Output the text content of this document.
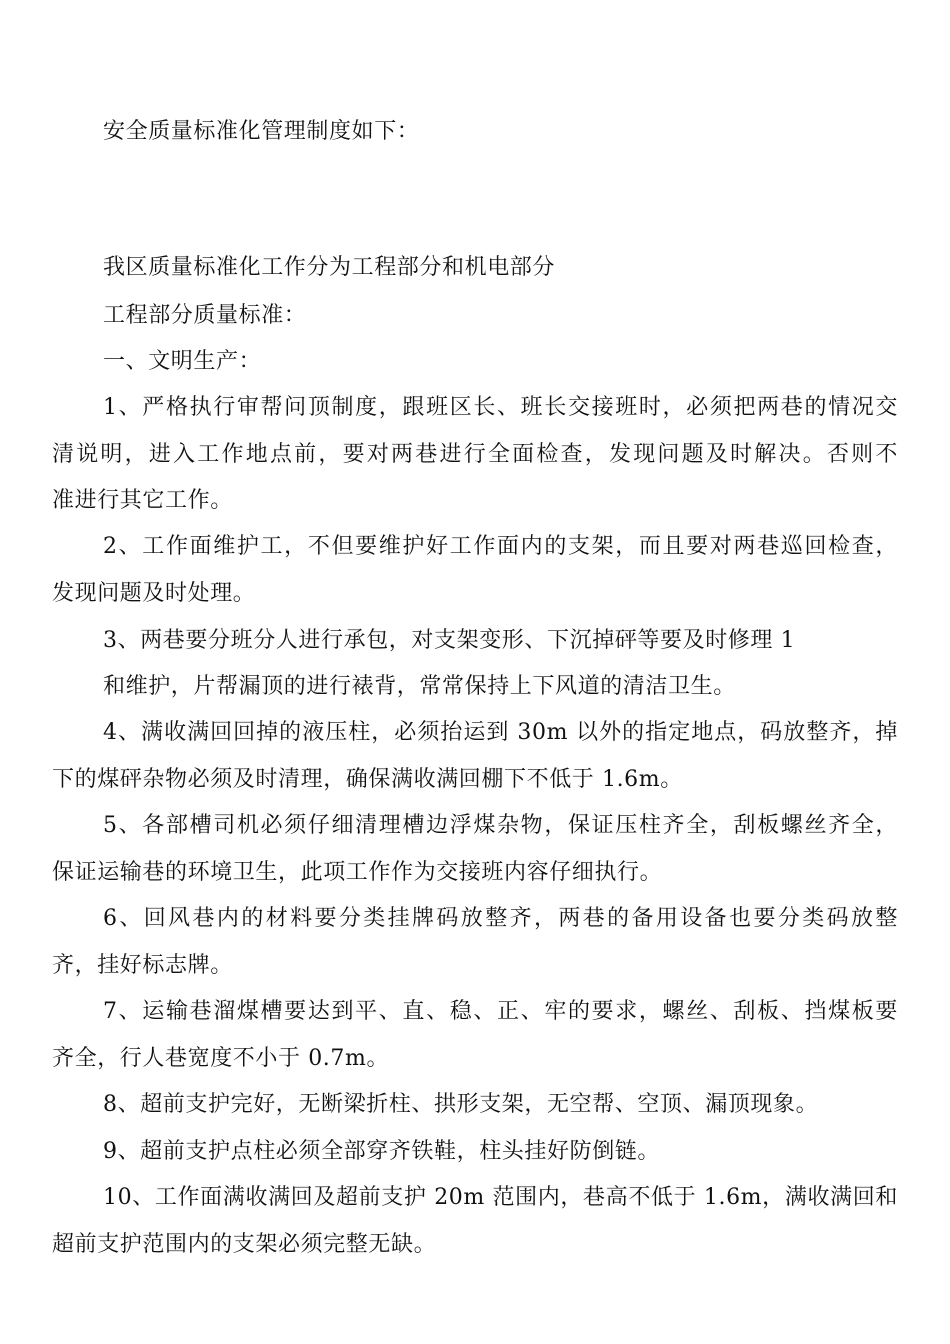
安全质量标准化管理制度如下：

我区质量标准化工作分为工程部分和机电部分

工程部分质量标准：

一、文明生产：

1、严格执行审帮问顶制度，跟班区长、班长交接班时，必须把两巷的情况交

清说明，进入工作地点前，要对两巷进行全面检查，发现问题及时解决。否则不

准进行其它工作。

2、工作面维护工，不但要维护好工作面内的支架，而且要对两巷巡回检查，

发现问题及时处理。

3、两巷要分班分人进行承包，对支架变形、下沉掉砰等要及时修理 1

和维护，片帮漏顶的进行裱背，常常保持上下风道的清洁卫生。

4、满收满回回掉的液压柱，必须抬运到 30m 以外的指定地点，码放整齐，掉

下的煤砰杂物必须及时清理，确保满收满回棚下不低于 1.6m。

5、各部槽司机必须仔细清理槽边浮煤杂物，保证压柱齐全，刮板螺丝齐全，

保证运输巷的环境卫生，此项工作作为交接班内容仔细执行。

6、回风巷内的材料要分类挂牌码放整齐，两巷的备用设备也要分类码放整

齐，挂好标志牌。

7、运输巷溜煤槽要达到平、直、稳、正、牢的要求，螺丝、刮板、挡煤板要

齐全，行人巷宽度不小于 0.7m。

8、超前支护完好，无断梁折柱、拱形支架，无空帮、空顶、漏顶现象。

9、超前支护点柱必须全部穿齐铁鞋，柱头挂好防倒链。

10、工作面满收满回及超前支护 20m 范围内，巷高不低于 1.6m，满收满回和

超前支护范围内的支架必须完整无缺。
